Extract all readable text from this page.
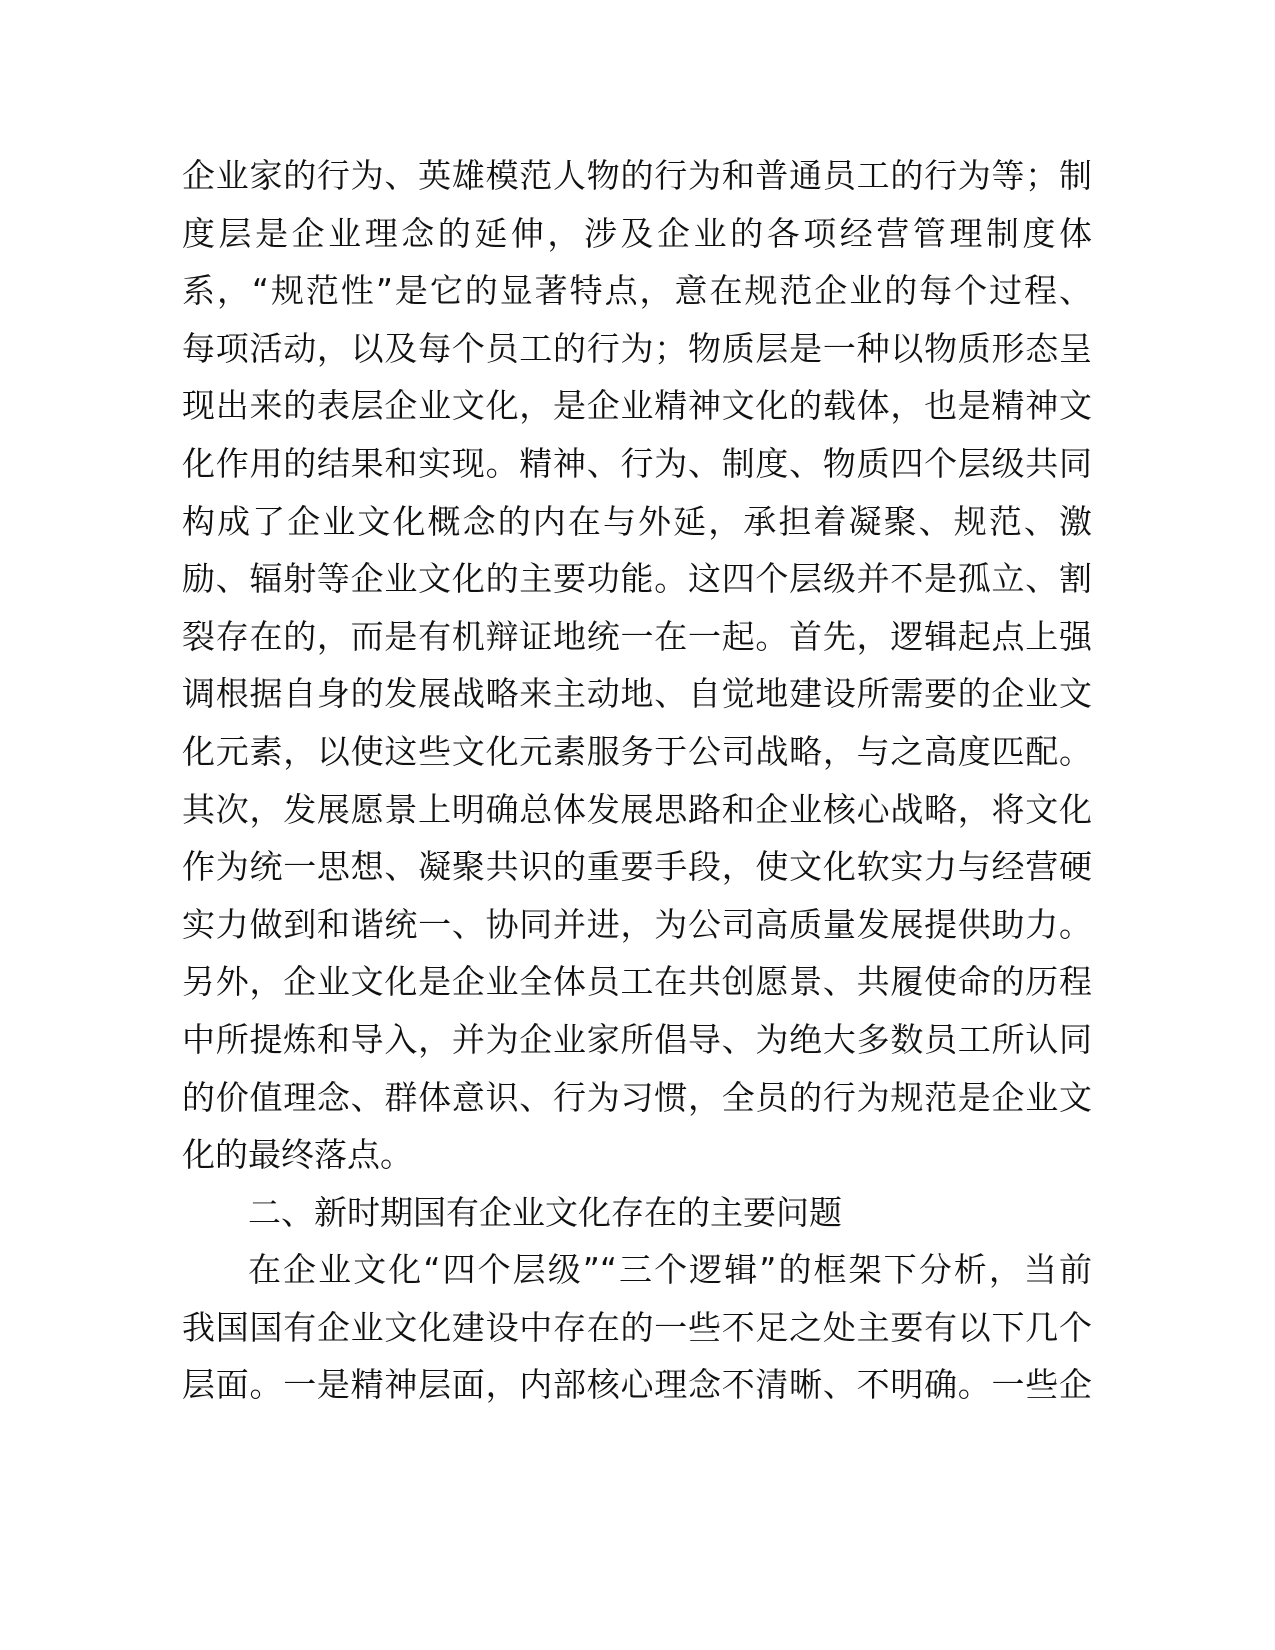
企业家的行为、英雄模范人物的行为和普通员工的行为等；制
度层是企业理念的延伸，涉及企业的各项经营管理制度体
系，“规范性”是它的显著特点，意在规范企业的每个过程、
每项活动，以及每个员工的行为；物质层是一种以物质形态呈
现出来的表层企业文化，是企业精神文化的载体，也是精神文
化作用的结果和实现。精神、行为、制度、物质四个层级共同
构成了企业文化概念的内在与外延，承担着凝聚、规范、激
励、辐射等企业文化的主要功能。这四个层级并不是孤立、割
裂存在的，而是有机辩证地统一在一起。首先，逻辑起点上强
调根据自身的发展战略来主动地、自觉地建设所需要的企业文
化元素，以使这些文化元素服务于公司战略，与之高度匹配。
其次，发展愿景上明确总体发展思路和企业核心战略，将文化
作为统一思想、凝聚共识的重要手段，使文化软实力与经营硬
实力做到和谐统一、协同并进，为公司高质量发展提供助力。
另外，企业文化是企业全体员工在共创愿景、共履使命的历程
中所提炼和导入，并为企业家所倡导、为绝大多数员工所认同
的价值理念、群体意识、行为习惯，全员的行为规范是企业文
化的最终落点。
二、新时期国有企业文化存在的主要问题
在企业文化“四个层级”“三个逻辑”的框架下分析，当前
我国国有企业文化建设中存在的一些不足之处主要有以下几个
层面。一是精神层面，内部核心理念不清晰、不明确。一些企
